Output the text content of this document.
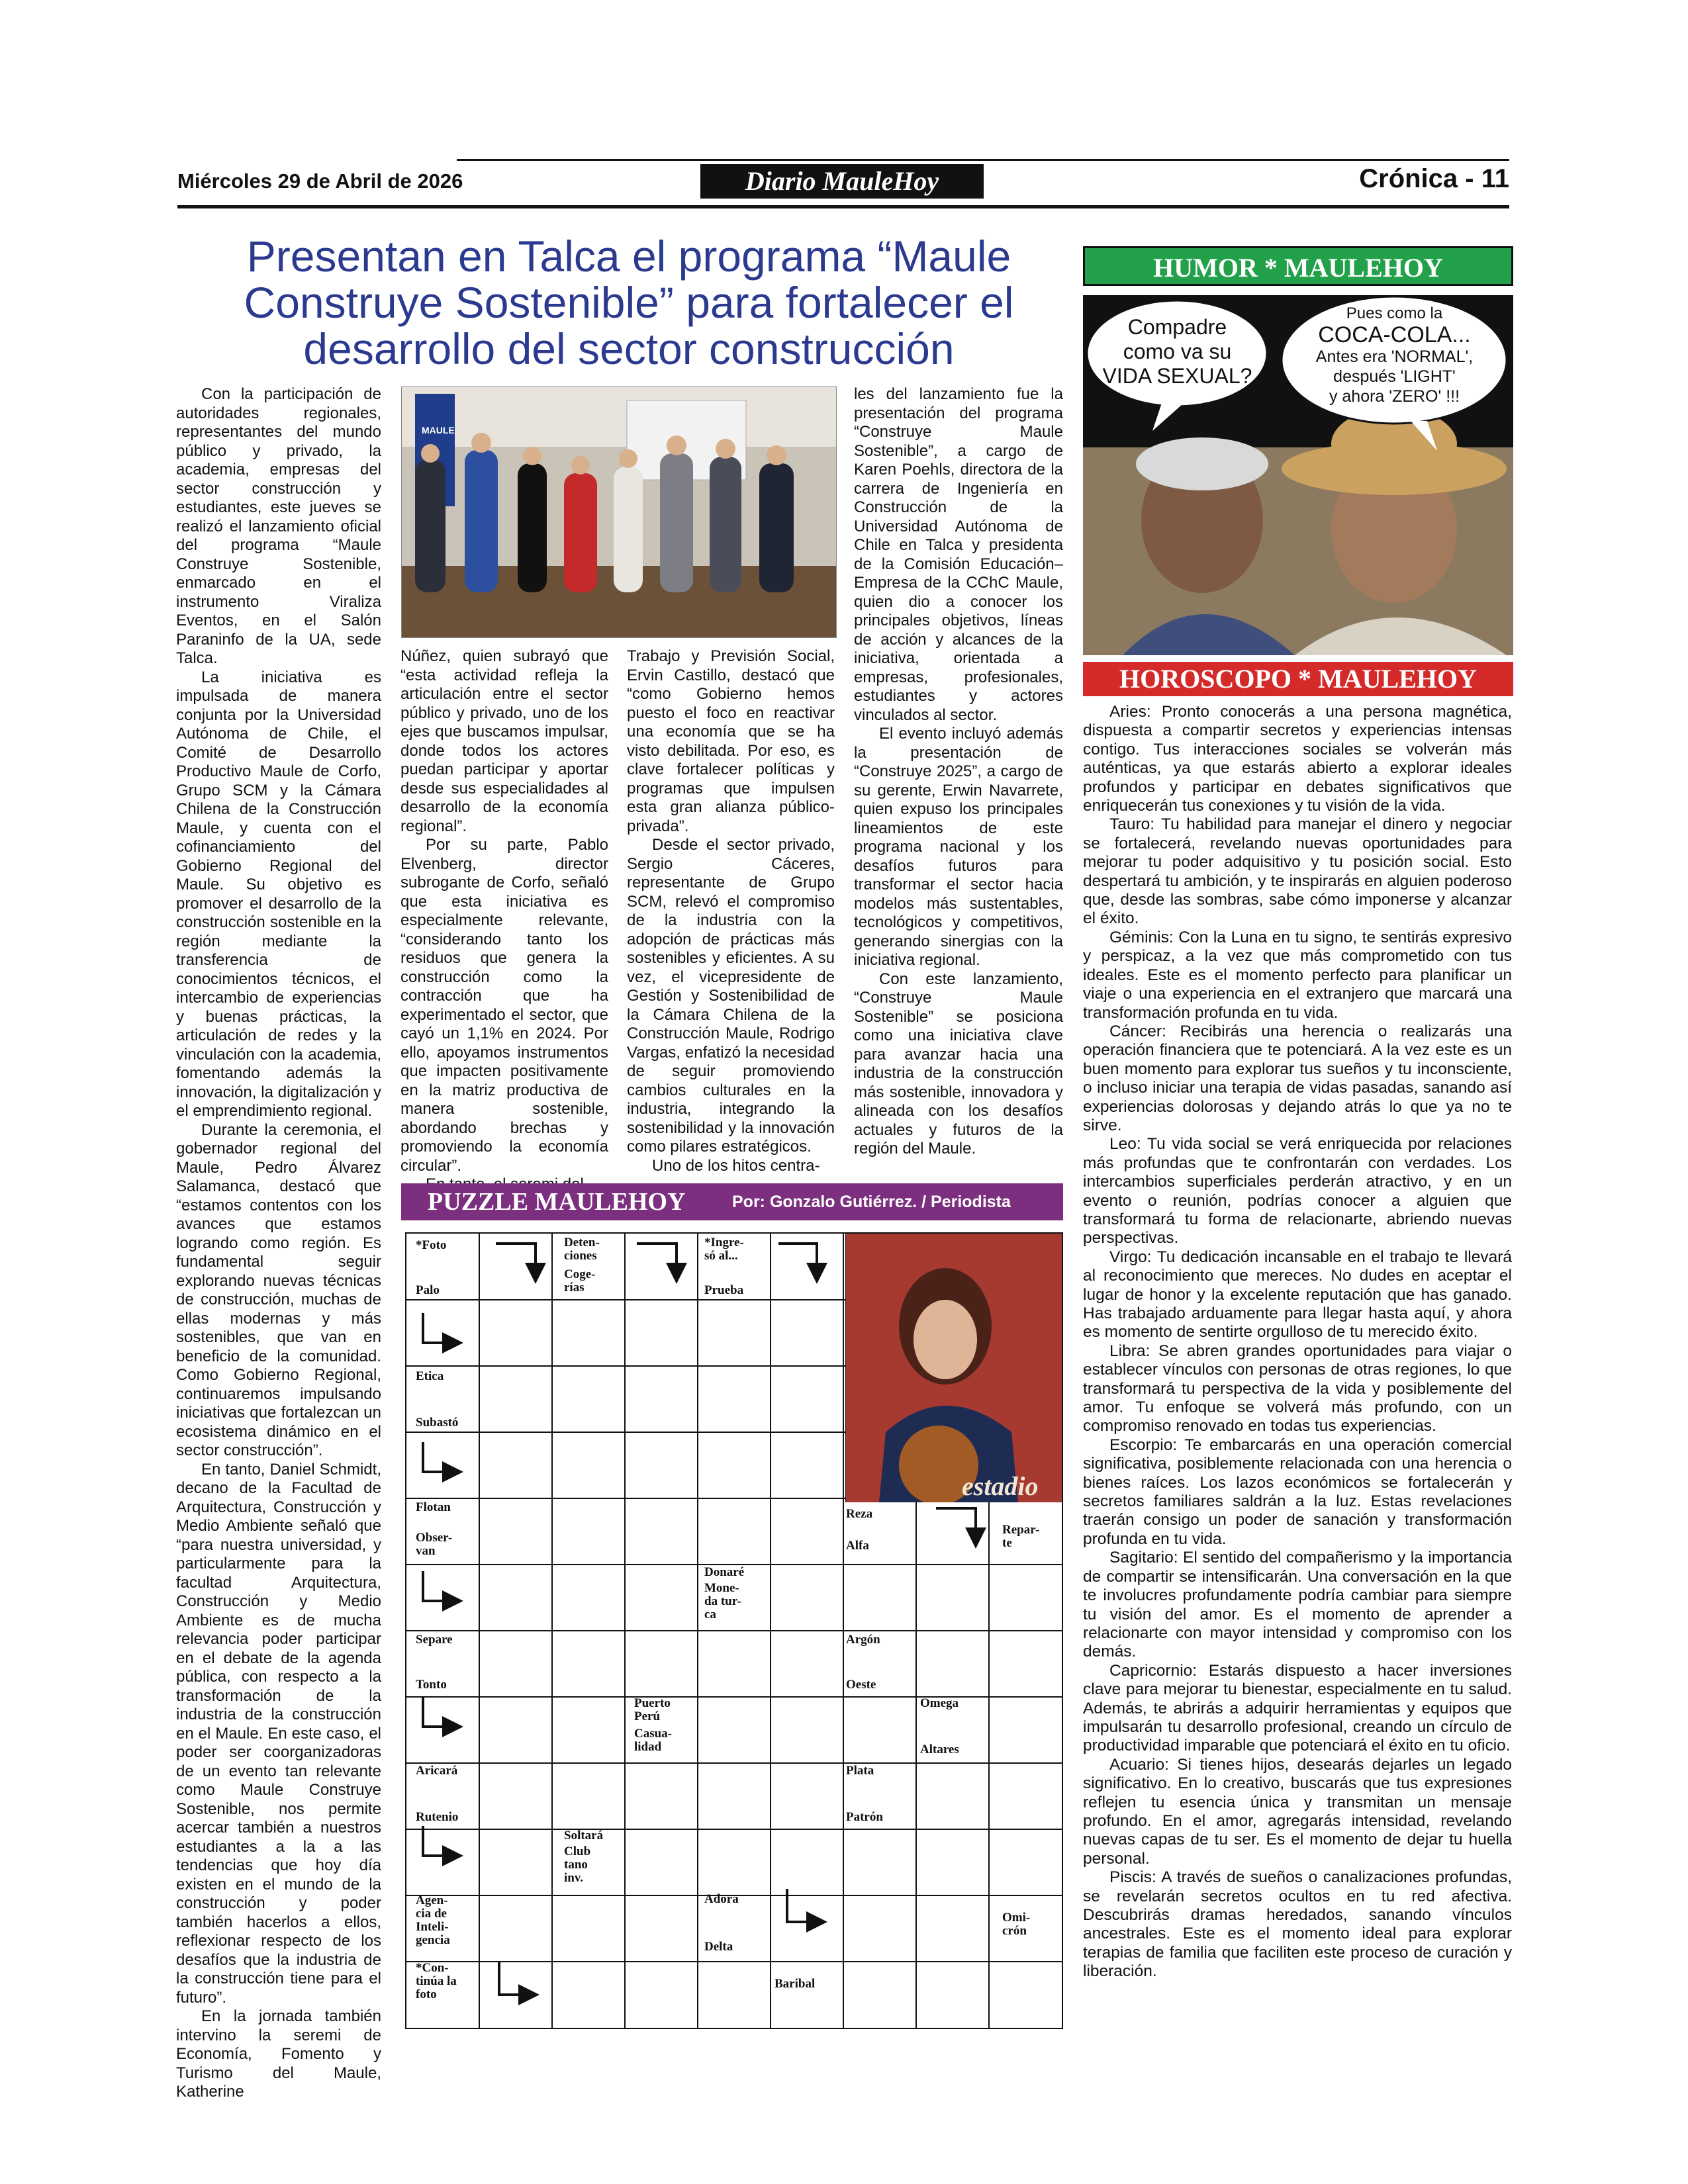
Miércoles 29 de Abril de 2026	Diario MauleHoy	Crónica - 11
Presentan en Talca el programa “Maule Construye Sostenible” para fortalecer el desarrollo del sector construcción

Con la participación de autoridades regionales, representantes del mundo público y privado, la academia, empresas del sector construcción y estudiantes, este jueves se realizó el lanzamiento oficial del programa “Maule Construye Sostenible, enmarcado en el instrumento Viraliza Eventos, en el Salón Paraninfo de la UA, sede Talca.

La iniciativa es impulsada de manera conjunta por la Universidad Autónoma de Chile, el Comité de Desarrollo Productivo Maule de Corfo, Grupo SCM y la Cámara Chilena de la Construcción Maule, y cuenta con el cofinanciamiento del Gobierno Regional del Maule. Su objetivo es promover el desarrollo de la construcción sostenible en la región mediante la transferencia de conocimientos técnicos, el intercambio de experiencias y buenas prácticas, la articulación de redes y la vinculación con la academia, fomentando además la innovación, la digitalización y el emprendimiento regional.

Durante la ceremonia, el gobernador regional del Maule, Pedro Álvarez Salamanca, destacó que “estamos contentos con los avances que estamos logrando como región. Es fundamental seguir explorando nuevas técnicas de construcción, muchas de ellas modernas y más sostenibles, que van en beneficio de la comunidad. Como Gobierno Regional, continuaremos impulsando iniciativas que fortalezcan un ecosistema dinámico en el sector construcción”.

En tanto, Daniel Schmidt, decano de la Facultad de Arquitectura, Construcción y Medio Ambiente señaló que “para nuestra universidad, y particularmente para la facultad Arquitectura, Construcción y Medio Ambiente es de mucha relevancia poder participar en el debate de la agenda pública, con respecto a la transformación de la industria de la construcción en el Maule. En este caso, el poder ser coorganizadoras de un evento tan relevante como Maule Construye Sostenible, nos permite acercar también a nuestros estudiantes a la a las tendencias que hoy día existen en el mundo de la construcción y poder también hacerlos a ellos, reflexionar respecto de los desafíos que la industria de la construcción tiene para el futuro”.

En la jornada también intervino la seremi de Economía, Fomento y Turismo del Maule, Katherine

MAULE

Núñez, quien subrayó que “esta actividad refleja la articulación entre el sector público y privado, uno de los ejes que buscamos impulsar, donde todos los actores puedan participar y aportar desde sus especialidades al desarrollo de la economía regional”.

Por su parte, Pablo Elvenberg, director subrogante de Corfo, señaló que esta iniciativa es especialmente relevante, “considerando tanto los residuos que genera la construcción como la contracción que ha experimentado el sector, que cayó un 1,1% en 2024. Por ello, apoyamos instrumentos que impacten positivamente en la matriz productiva de manera sostenible, abordando brechas y promoviendo la economía circular”.

Trabajo y Previsión Social, Ervin Castillo, destacó que “como Gobierno hemos puesto el foco en reactivar una economía que se ha visto debilitada. Por eso, es clave fortalecer políticas y programas que impulsen esta gran alianza público-privada”.

Desde el sector privado, Sergio Cáceres, representante de Grupo SCM, relevó el compromiso de la industria con la adopción de prácticas más sostenibles y eficientes. A su vez, el vicepresidente de Gestión y Sostenibilidad de la Cámara Chilena de la Construcción Maule, Rodrigo Vargas, enfatizó la necesidad de seguir promoviendo cambios culturales en la industria, integrando la sostenibilidad y la innovación como pilares estratégicos.

Uno de los hitos centra-

les del lanzamiento fue la presentación del programa “Construye Maule Sostenible”, a cargo de Karen Poehls, directora de la carrera de Ingeniería en Construcción de la Universidad Autónoma de Chile en Talca y presidenta de la Comisión Educación–Empresa de la CChC Maule, quien dio a conocer los principales objetivos, líneas de acción y alcances de la iniciativa, orientada a empresas, profesionales, estudiantes y actores vinculados al sector.

El evento incluyó además la presentación de “Construye 2025”, a cargo de su gerente, Erwin Navarrete, quien expuso los principales lineamientos de este programa nacional y los desafíos futuros para transformar el sector hacia modelos más sustentables, tecnológicos y competitivos, generando sinergias con la iniciativa regional.

Con este lanzamiento, “Construye Maule Sostenible” se posiciona como una iniciativa clave para avanzar hacia una industria de la construcción más sostenible, innovadora y alineada con los desafíos actuales y futuros de la región del Maule.

PUZZLE MAULEHOY	Por: Gonzalo Gutiérrez. / Periodista
estadio
*Foto
Palo
Deten-
ciones
Coge-
rías
*Ingre-
só al...
Prueba
Etica
Subastó
Flotan
Obser-
van
Separe
Tonto
Aricará
Rutenio
Agen-
cia de
Inteli-
gencia
*Con-
tinúa la
foto
Donaré
Mone-
da tur-
ca
Puerto
Perú
Casua-
lidad
Soltará
Club
tano
inv.
Adora
Delta
Baribal
Reza
Alfa
Repar-
te
Argón
Oeste
Omega
Altares
Plata
Patrón
Omi-
crón
HUMOR * MAULEHOY
Compadre como va su VIDA SEXUAL?
Pues como la
COCA-COLA...
Antes era 'NORMAL',
después 'LIGHT'
y ahora 'ZERO' !!!
HOROSCOPO * MAULEHOY

Aries: Pronto conocerás a una persona magnética, dispuesta a compartir secretos y experiencias intensas contigo. Tus interacciones sociales se volverán más auténticas, ya que estarás abierto a explorar ideales profundos y participar en debates significativos que enriquecerán tus conexiones y tu visión de la vida.

Tauro: Tu habilidad para manejar el dinero y negociar se fortalecerá, revelando nuevas oportunidades para mejorar tu poder adquisitivo y tu posición social. Esto despertará tu ambición, y te inspirarás en alguien poderoso que, desde las sombras, sabe cómo imponerse y alcanzar el éxito.

Géminis: Con la Luna en tu signo, te sentirás expresivo y perspicaz, a la vez que más comprometido con tus ideales. Este es el momento perfecto para planificar un viaje o una experiencia en el extranjero que marcará una transformación profunda en tu vida.

Cáncer: Recibirás una herencia o realizarás una operación financiera que te potenciará. A la vez este es un buen momento para explorar tus sueños y tu inconsciente, o incluso iniciar una terapia de vidas pasadas, sanando así experiencias dolorosas y dejando atrás lo que ya no te sirve.

Leo: Tu vida social se verá enriquecida por relaciones más profundas que te confrontarán con verdades. Los intercambios superficiales perderán atractivo, y en un evento o reunión, podrías conocer a alguien que transformará tu forma de relacionarte, abriendo nuevas perspectivas.

Virgo: Tu dedicación incansable en el trabajo te llevará al reconocimiento que mereces. No dudes en aceptar el lugar de honor y la excelente reputación que has ganado. Has trabajado arduamente para llegar hasta aquí, y ahora es momento de sentirte orgulloso de tu merecido éxito.

Libra: Se abren grandes oportunidades para viajar o establecer vínculos con personas de otras regiones, lo que transformará tu perspectiva de la vida y posiblemente del amor. Tu enfoque se volverá más profundo, con un compromiso renovado en todas tus experiencias.

Escorpio: Te embarcarás en una operación comercial significativa, posiblemente relacionada con una herencia o bienes raíces. Los lazos económicos se fortalecerán y secretos familiares saldrán a la luz. Estas revelaciones traerán consigo un poder de sanación y transformación profunda en tu vida.

Sagitario: El sentido del compañerismo y la importancia de compartir se intensificarán. Una conversación en la que te involucres profundamente podría cambiar para siempre tu visión del amor. Es el momento de aprender a relacionarte con mayor intensidad y compromiso con los demás.

Capricornio: Estarás dispuesto a hacer inversiones clave para mejorar tu bienestar, especialmente en tu salud. Además, te abrirás a adquirir herramientas y equipos que impulsarán tu desarrollo profesional, creando un círculo de productividad imparable que potenciará el éxito en tu oficio.

Acuario: Si tienes hijos, desearás dejarles un legado significativo. En lo creativo, buscarás que tus expresiones reflejen tu esencia única y transmitan un mensaje profundo. En el amor, agregarás intensidad, revelando nuevas capas de tu ser. Es el momento de dejar tu huella personal.

Piscis: A través de sueños o canalizaciones profundas, se revelarán secretos ocultos en tu red afectiva. Descubrirás dramas heredados, sanando vínculos ancestrales. Este es el momento ideal para explorar terapias de familia que faciliten este proceso de curación y liberación.
